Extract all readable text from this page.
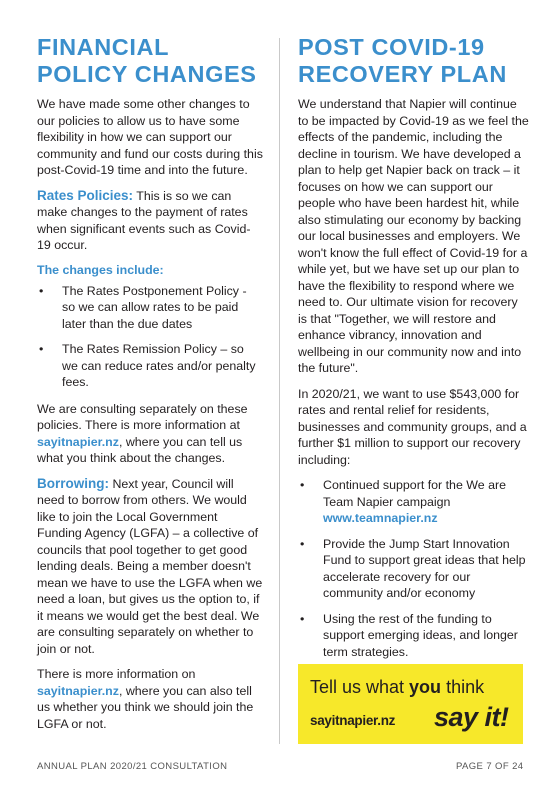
FINANCIAL
POLICY CHANGES

We have made some other changes to our policies to allow us to have some flexibility in how we can support our community and fund our costs during this post-Covid-19 time and into the future.

Rates Policies: This is so we can make changes to the payment of rates when significant events such as Covid-19 occur.

The changes include:
• The Rates Postponement Policy - so we can allow rates to be paid later than the due dates
• The Rates Remission Policy – so we can reduce rates and/or penalty fees.

We are consulting separately on these policies. There is more information at sayitnapier.nz, where you can tell us what you think about the changes.

Borrowing: Next year, Council will need to borrow from others. We would like to join the Local Government Funding Agency (LGFA) – a collective of councils that pool together to get good lending deals. Being a member doesn't mean we have to use the LGFA when we need a loan, but gives us the option to, if it means we would get the best deal. We are consulting separately on whether to join or not.

There is more information on sayitnapier.nz, where you can also tell us whether you think we should join the LGFA or not.

POST COVID-19
RECOVERY PLAN

We understand that Napier will continue to be impacted by Covid-19 as we feel the effects of the pandemic, including the decline in tourism. We have developed a plan to help get Napier back on track – it focuses on how we can support our people who have been hardest hit, while also stimulating our economy by backing our local businesses and employers. We won't know the full effect of Covid-19 for a while yet, but we have set up our plan to have the flexibility to respond where we need to. Our ultimate vision for recovery is that "Together, we will restore and enhance vibrancy, innovation and wellbeing in our community now and into the future".

In 2020/21, we want to use $543,000 for rates and rental relief for residents, businesses and community groups, and a further $1 million to support our recovery including:

• Continued support for the We are Team Napier campaign www.teamnapier.nz
• Provide the Jump Start Innovation Fund to support great ideas that help accelerate recovery for our community and/or economy
• Using the rest of the funding to support emerging ideas, and longer term strategies.
Tell us what you think
sayitnapier.nz say it!
ANNUAL PLAN 2020/21 CONSULTATION	PAGE 7 OF 24
